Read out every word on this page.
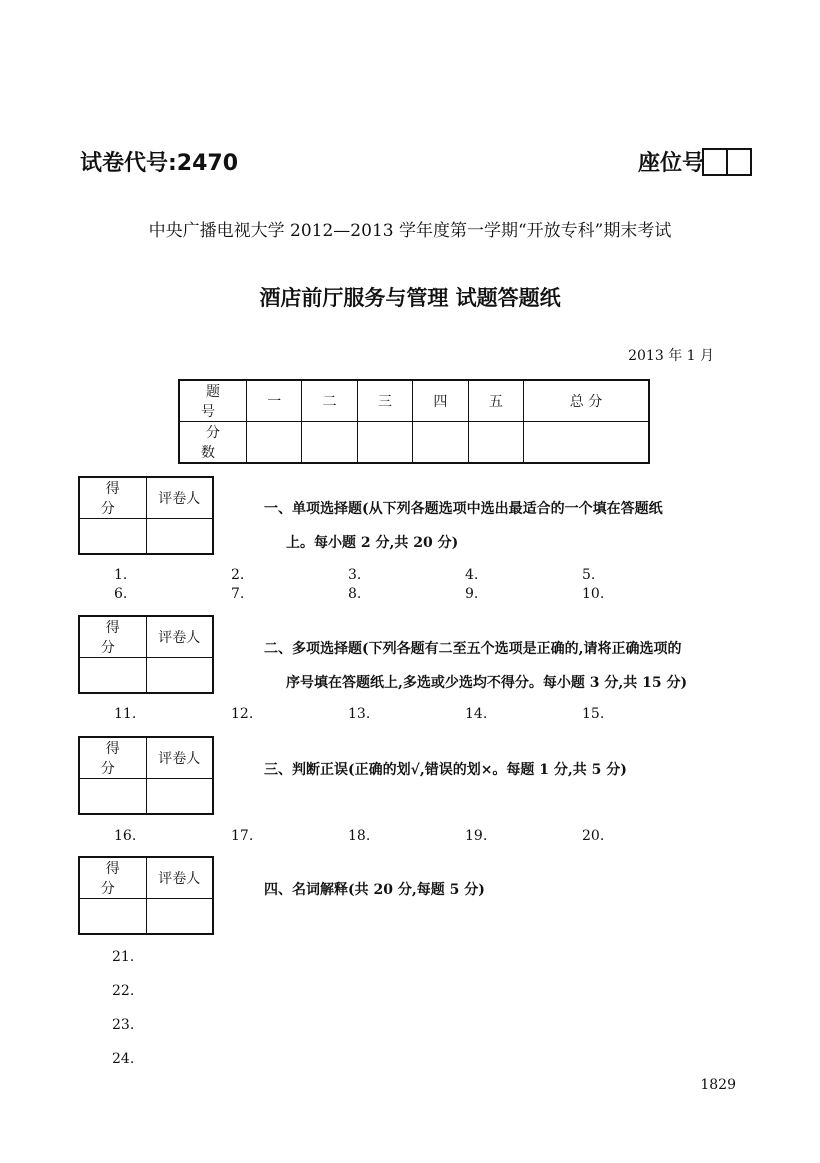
试卷代号:2470	座位号
中央广播电视大学 2012—2013 学年度第一学期“开放专科”期末考试
酒店前厅服务与管理 试题答题纸
2013 年 1 月
题 号	一	二	三	四	五	总 分
分 数						
得 分	评卷人

一、单项选择题(从下列各题选项中选出最适合的一个填在答题纸
上。每小题 2 分,共 20 分)
1.	2.	3.	4.	5.
6.	7.	8.	9.	10.
得 分	评卷人

二、多项选择题(下列各题有二至五个选项是正确的,请将正确选项的
序号填在答题纸上,多选或少选均不得分。每小题 3 分,共 15 分)
11.	12.	13.	14.	15.
得 分	评卷人

三、判断正误(正确的划√,错误的划×。每题 1 分,共 5 分)
16.	17.	18.	19.	20.
得 分	评卷人

四、名词解释(共 20 分,每题 5 分)
21.
22.
23.
24.
1829
